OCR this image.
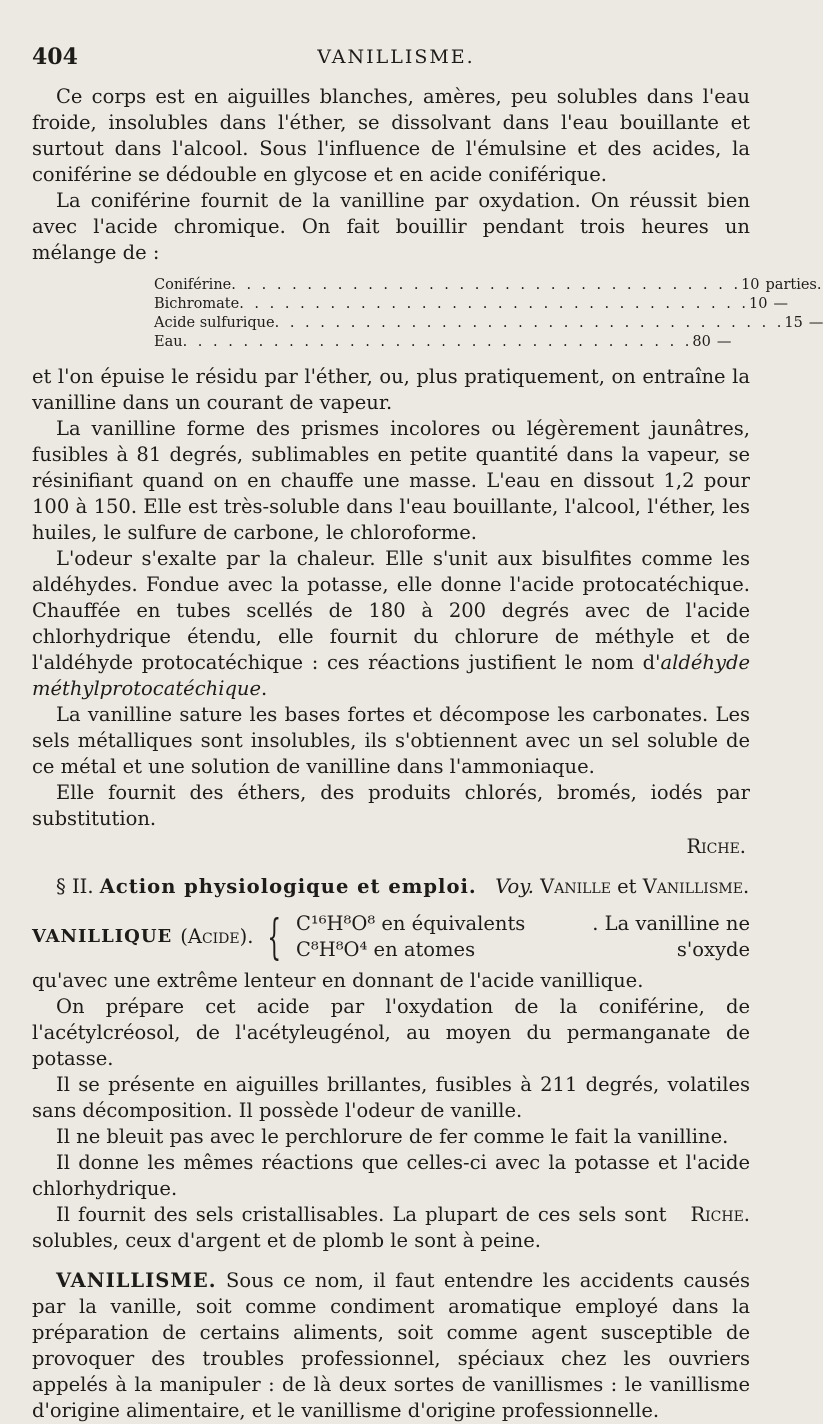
404	VANILLISME.

Ce corps est en aiguilles blanches, amères, peu solubles dans l'eau froide, insolubles dans l'éther, se dissolvant dans l'eau bouillante et surtout dans l'alcool. Sous l'influence de l'émulsine et des acides, la coniférine se dédouble en glycose et en acide coniférique.

La coniférine fournit de la vanilline par oxydation. On réussit bien avec l'acide chromique. On fait bouillir pendant trois heures un mélange de :

Coniférine . . . . . . . . . . . . . . . . . . . . . . . . . . . . . . . . . . 10 parties.
Bichromate . . . . . . . . . . . . . . . . . . . . . . . . . . . . . . . . . . 10 —
Acide sulfurique . . . . . . . . . . . . . . . . . . . . . . . . . . . . . . . . . . 15 —
Eau . . . . . . . . . . . . . . . . . . . . . . . . . . . . . . . . . . 80 —

et l'on épuise le résidu par l'éther, ou, plus pratiquement, on entraîne la vanilline dans un courant de vapeur.

La vanilline forme des prismes incolores ou légèrement jaunâtres, fusibles à 81 degrés, sublimables en petite quantité dans la vapeur, se résinifiant quand on en chauffe une masse. L'eau en dissout 1,2 pour 100 à 150. Elle est très-soluble dans l'eau bouillante, l'alcool, l'éther, les huiles, le sulfure de carbone, le chloroforme.

L'odeur s'exalte par la chaleur. Elle s'unit aux bisulfites comme les aldéhydes. Fondue avec la potasse, elle donne l'acide protocatéchique. Chauffée en tubes scellés de 180 à 200 degrés avec de l'acide chlorhydrique étendu, elle fournit du chlorure de méthyle et de l'aldéhyde protocatéchique : ces réactions justifient le nom d'aldéhyde méthylprotocatéchique.

La vanilline sature les bases fortes et décompose les carbonates. Les sels métalliques sont insolubles, ils s'obtiennent avec un sel soluble de ce métal et une solution de vanilline dans l'ammoniaque.

Elle fournit des éthers, des produits chlorés, bromés, iodés par substitution.

Riche.

§ II. Action physiologique et emploi. Voy. Vanille et Vanillisme.

VANILLIQUE (Acide). { C¹⁶H⁸O⁸ en équivalents
C⁸H⁸O⁴ en atomes
. La vanilline ne s'oxyde

qu'avec une extrême lenteur en donnant de l'acide vanillique.

On prépare cet acide par l'oxydation de la coniférine, de l'acétylcréosol, de l'acétyleugénol, au moyen du permanganate de potasse.

Il se présente en aiguilles brillantes, fusibles à 211 degrés, volatiles sans décomposition. Il possède l'odeur de vanille.

Il ne bleuit pas avec le perchlorure de fer comme le fait la vanilline.

Il donne les mêmes réactions que celles-ci avec la potasse et l'acide chlorhydrique.

Riche.
Il fournit des sels cristallisables. La plupart de ces sels sont solubles, ceux d'argent et de plomb le sont à peine.

VANILLISME. Sous ce nom, il faut entendre les accidents causés par la vanille, soit comme condiment aromatique employé dans la préparation de certains aliments, soit comme agent susceptible de provoquer des troubles professionnel, spéciaux chez les ouvriers appelés à la manipuler : de là deux sortes de vanillismes : le vanillisme d'origine alimentaire, et le vanillisme d'origine professionnelle.
